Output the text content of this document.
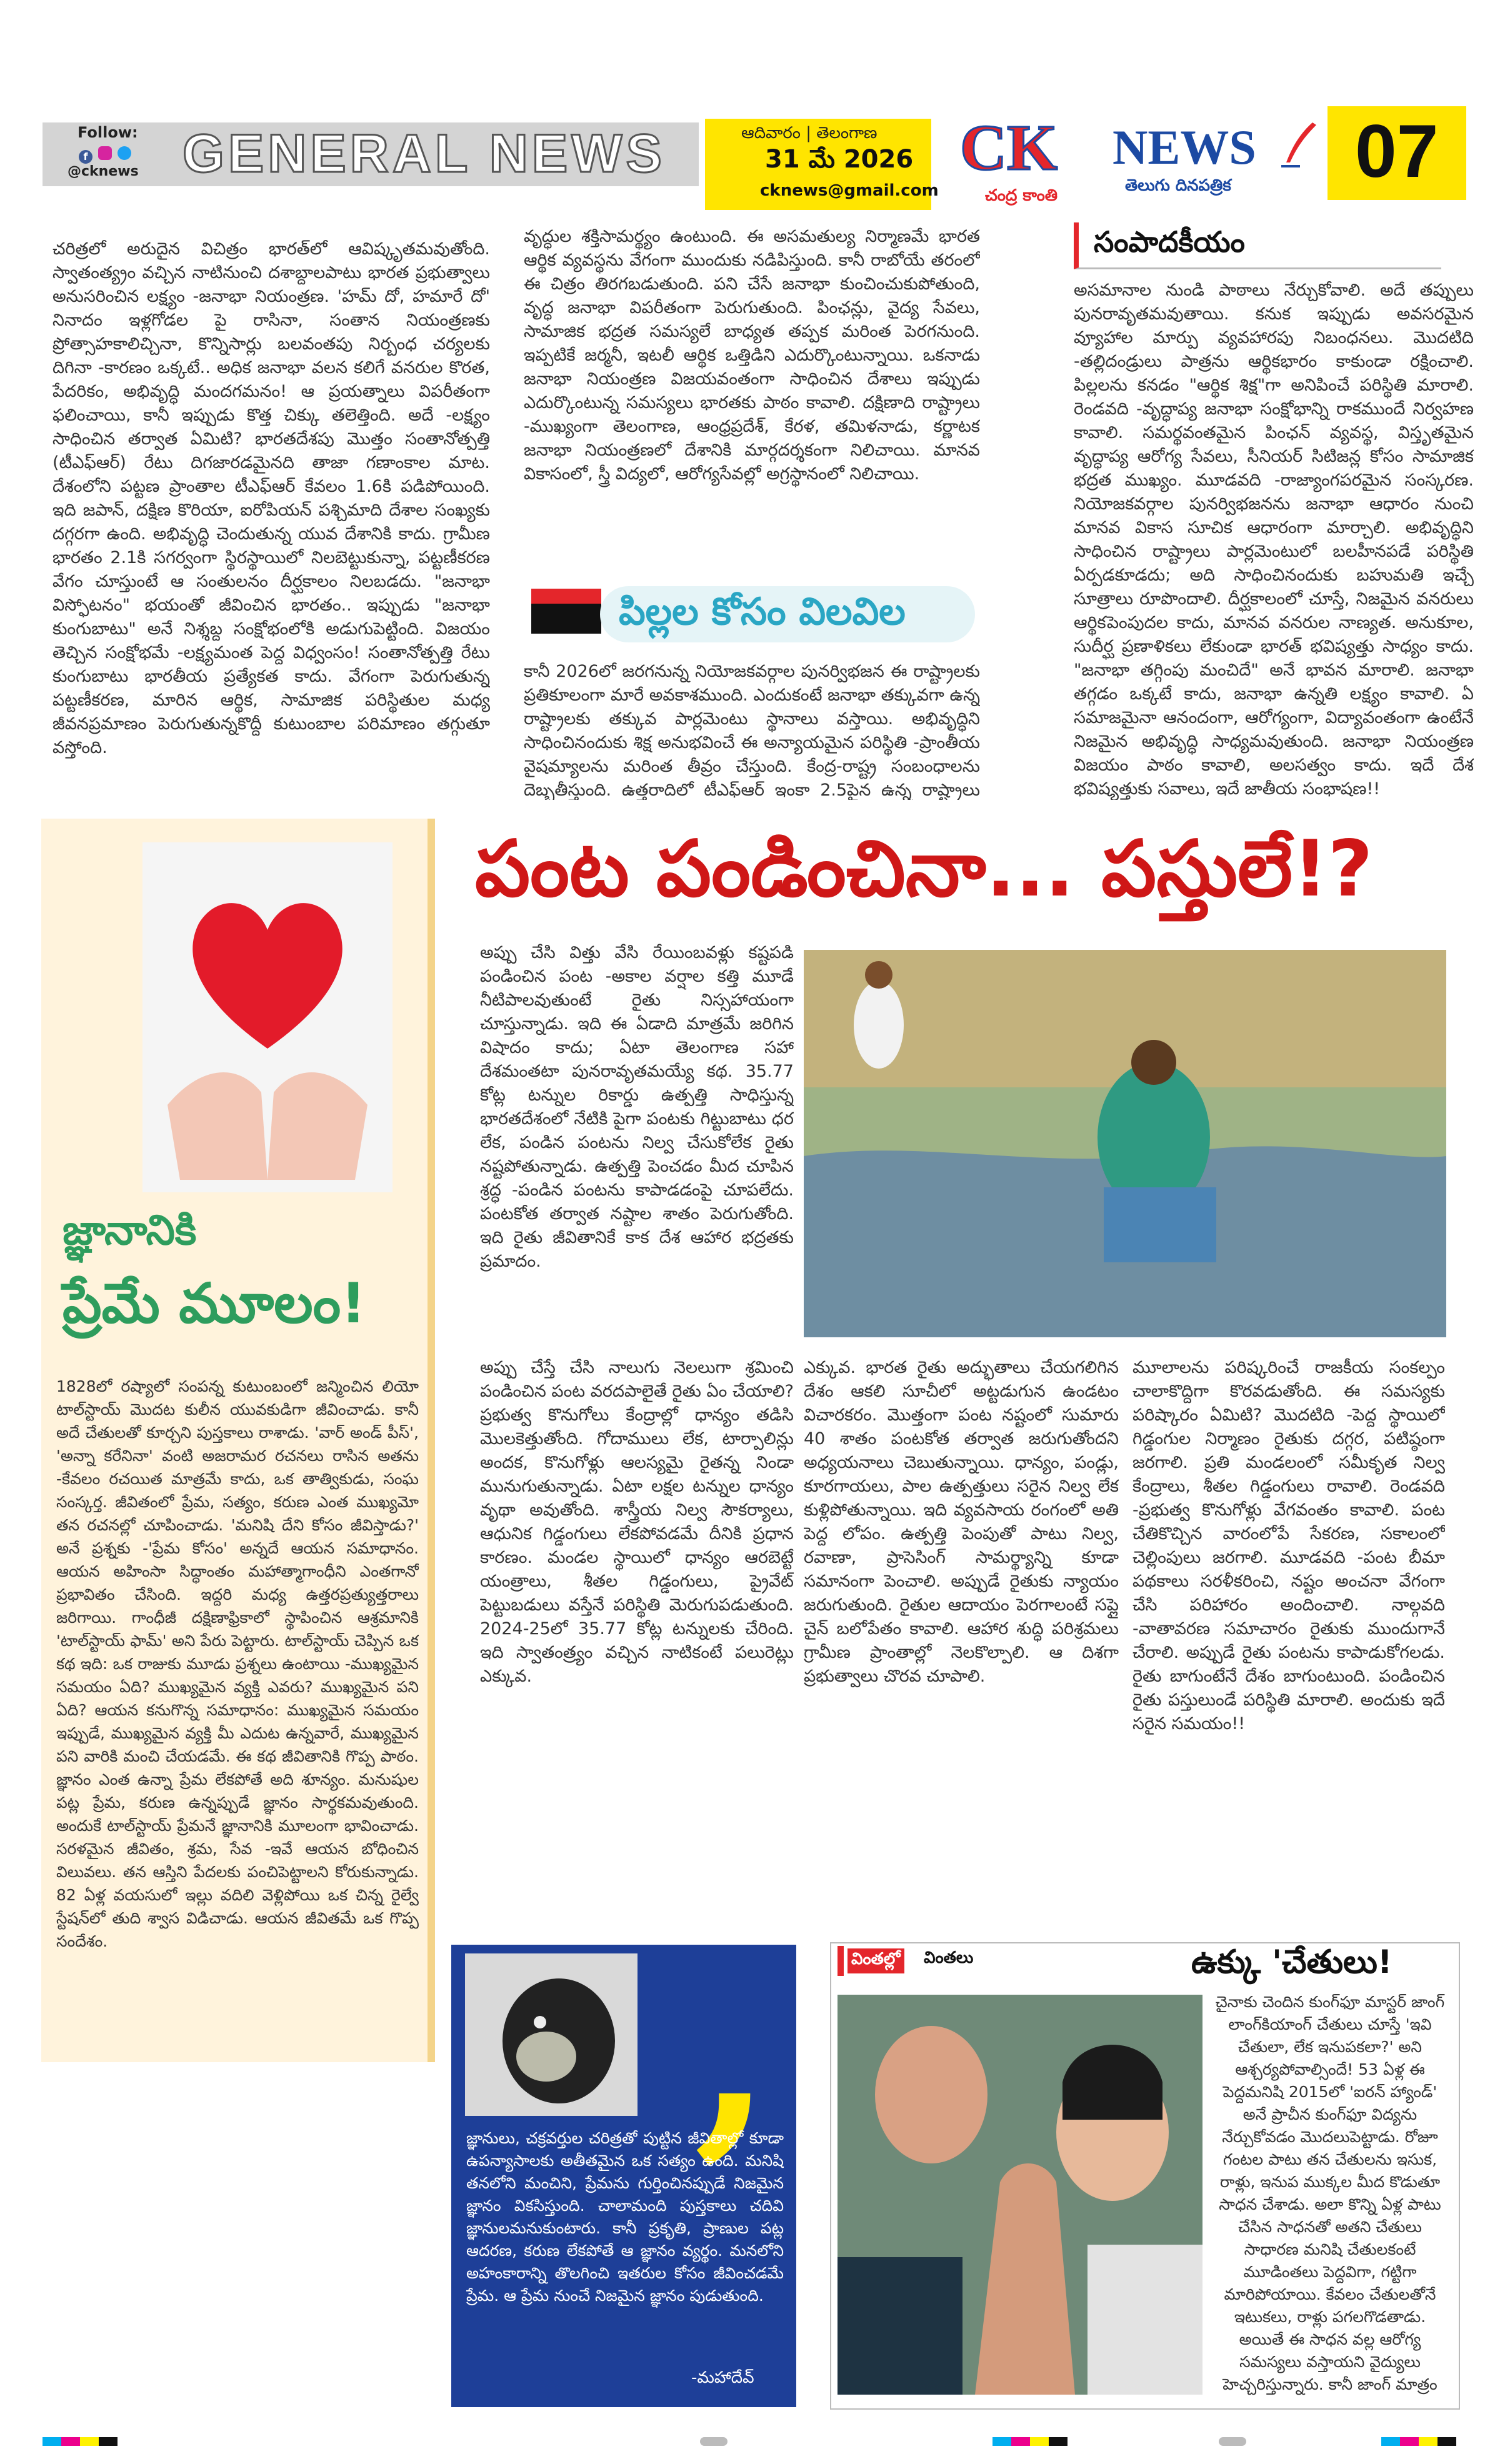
Follow:
f
@cknews GENERAL NEWS	ఆదివారం | తెలంగాణ
31 మే 2026
cknews@gmail.com
CK
చంద్ర కాంతి
NEWS
తెలుగు దినపత్రిక 07
చరిత్రలో అరుదైన విచిత్రం భారత్‌లో ఆవిష్కృతమవుతోంది. స్వాతంత్య్రం వచ్చిన నాటినుంచి దశాబ్దాలపాటు భారత ప్రభుత్వాలు అనుసరించిన లక్ష్యం -జనాభా నియంత్రణ. 'హమ్ దో, హమారే దో' నినాదం ఇళ్లగోడల పై రాసినా, సంతాన నియంత్రణకు ప్రోత్సాహకాలిచ్చినా, కొన్నిసార్లు బలవంతపు నిర్బంధ చర్యలకు దిగినా -కారణం ఒక్కటే.. అధిక జనాభా వలన కలిగే వనరుల కొరత, పేదరికం, అభివృద్ధి మందగమనం! ఆ ప్రయత్నాలు విపరీతంగా ఫలించాయి, కానీ ఇప్పుడు కొత్త చిక్కు తలెత్తింది. అదే -లక్ష్యం సాధించిన తర్వాత ఏమిటి? భారతదేశపు మొత్తం సంతానోత్పత్తి (టీఎఫ్ఆర్) రేటు దిగజారడమైనది తాజా గణాంకాల మాట. దేశంలోని పట్టణ ప్రాంతాల టీఎఫ్ఆర్ కేవలం 1.6కి పడిపోయింది. ఇది జపాన్, దక్షిణ కొరియా, ఐరోపియన్ పశ్చిమాది దేశాల సంఖ్యకు దగ్గరగా ఉంది. అభివృద్ధి చెందుతున్న యువ దేశానికి కాదు. గ్రామీణ భారతం 2.1కి సగర్వంగా స్థిరస్థాయిలో నిలబెట్టుకున్నా, పట్టణీకరణ వేగం చూస్తుంటే ఆ సంతులనం దీర్ఘకాలం నిలబడదు. "జనాభా విస్ఫోటనం" భయంతో జీవించిన భారతం.. ఇప్పుడు "జనాభా కుంగుబాటు" అనే నిశ్శబ్ద సంక్షోభంలోకి అడుగుపెట్టింది. విజయం తెచ్చిన సంక్షోభమే -లక్ష్యమంత పెద్ద విధ్వంసం! సంతానోత్పత్తి రేటు కుంగుబాటు భారతీయ ప్రత్యేకత కాదు. వేగంగా పెరుగుతున్న పట్టణీకరణ, మారిన ఆర్థిక, సామాజిక పరిస్థితుల మధ్య జీవనప్రమాణం పెరుగుతున్నకొద్దీ కుటుంబాల పరిమాణం తగ్గుతూ వస్తోంది.
వృద్ధుల శక్తిసామర్థ్యం ఉంటుంది. ఈ అసమతుల్య నిర్మాణమే భారత ఆర్థిక వ్యవస్థను వేగంగా ముందుకు నడిపిస్తుంది. కానీ రాబోయే తరంలో ఈ చిత్రం తిరగబడుతుంది. పని చేసే జనాభా కుంచించుకుపోతుంది, వృద్ధ జనాభా విపరీతంగా పెరుగుతుంది. పింఛన్లు, వైద్య సేవలు, సామాజిక భద్రత సమస్యలే బాధ్యత తప్పక మరింత పెరగనుంది. ఇప్పటికే జర్మనీ, ఇటలీ ఆర్థిక ఒత్తిడిని ఎదుర్కొంటున్నాయి. ఒకనాడు జనాభా నియంత్రణ విజయవంతంగా సాధించిన దేశాలు ఇప్పుడు ఎదుర్కొంటున్న సమస్యలు భారతకు పాఠం కావాలి. దక్షిణాది రాష్ట్రాలు -ముఖ్యంగా తెలంగాణ, ఆంధ్రప్రదేశ్, కేరళ, తమిళనాడు, కర్ణాటక జనాభా నియంత్రణలో దేశానికి మార్గదర్శకంగా నిలిచాయి. మానవ వికాసంలో, స్త్రీ విద్యలో, ఆరోగ్యసేవల్లో అగ్రస్థానంలో నిలిచాయి.
సంపాదకీయం
పిల్లల కోసం విలవిల
కానీ 2026లో జరగనున్న నియోజకవర్గాల పునర్విభజన ఈ రాష్ట్రాలకు ప్రతికూలంగా మారే అవకాశముంది. ఎందుకంటే జనాభా తక్కువగా ఉన్న రాష్ట్రాలకు తక్కువ పార్లమెంటు స్థానాలు వస్తాయి. అభివృద్ధిని సాధించినందుకు శిక్ష అనుభవించే ఈ అన్యాయమైన పరిస్థితి -ప్రాంతీయ వైషమ్యాలను మరింత తీవ్రం చేస్తుంది. కేంద్ర-రాష్ట్ర సంబంధాలను దెబ్బతీస్తుంది. ఉత్తరాదిలో టీఎఫ్ఆర్ ఇంకా 2.5పైన ఉన్న రాష్ట్రాలు
అసమానాల నుండి పాఠాలు నేర్చుకోవాలి. అదే తప్పులు పునరావృతమవుతాయి. కనుక ఇప్పుడు అవసరమైన వ్యూహాల మార్పు వ్యవహారపు నిబంధనలు. మొదటిది -తల్లిదండ్రులు పాత్రను ఆర్థికభారం కాకుండా రక్షించాలి. పిల్లలను కనడం "ఆర్థిక శిక్ష"గా అనిపించే పరిస్థితి మారాలి. రెండవది -వృద్ధాప్య జనాభా సంక్షోభాన్ని రాకముందే నిర్వహణ కావాలి. సమర్థవంతమైన పింఛన్ వ్యవస్థ, విస్తృతమైన వృద్ధాప్య ఆరోగ్య సేవలు, సీనియర్ సిటిజన్ల కోసం సామాజిక భద్రత ముఖ్యం. మూడవది -రాజ్యాంగపరమైన సంస్కరణ. నియోజకవర్గాల పునర్విభజనను జనాభా ఆధారం నుంచి మానవ వికాస సూచిక ఆధారంగా మార్చాలి. అభివృద్ధిని సాధించిన రాష్ట్రాలు పార్లమెంటులో బలహీనపడే పరిస్థితి ఏర్పడకూడదు; అది సాధించినందుకు బహుమతి ఇచ్చే సూత్రాలు రూపొందాలి. దీర్ఘకాలంలో చూస్తే, నిజమైన వనరులు ఆర్థికపెంపుదల కాదు, మానవ వనరుల నాణ్యత. అనుకూల, సుదీర్ఘ ప్రణాళికలు లేకుండా భారత్ భవిష్యత్తు సాధ్యం కాదు. "జనాభా తగ్గింపు మంచిదే" అనే భావన మారాలి. జనాభా తగ్గడం ఒక్కటే కాదు, జనాభా ఉన్నతి లక్ష్యం కావాలి. ఏ సమాజమైనా ఆనందంగా, ఆరోగ్యంగా, విద్యావంతంగా ఉంటేనే నిజమైన అభివృద్ధి సాధ్యమవుతుంది. జనాభా నియంత్రణ విజయం పాఠం కావాలి, అలసత్వం కాదు. ఇదే దేశ భవిష్యత్తుకు సవాలు, ఇదే జాతీయ సంభాషణ!!
జ్ఞానానికి
ప్రేమే మూలం!
1828లో రష్యాలో సంపన్న కుటుంబంలో జన్మించిన లియో టాల్‌స్టాయ్ మొదట కులీన యువకుడిగా జీవించాడు. కానీ అదే చేతులతో కూర్చని పుస్తకాలు రాశాడు. 'వార్ అండ్ పీస్', 'అన్నా కరేనినా' వంటి అజరామర రచనలు రాసిన అతను -కేవలం రచయిత మాత్రమే కాదు, ఒక తాత్వికుడు, సంఘ సంస్కర్త. జీవితంలో ప్రేమ, సత్యం, కరుణ ఎంత ముఖ్యమో తన రచనల్లో చూపించాడు. 'మనిషి దేని కోసం జీవిస్తాడు?' అనే ప్రశ్నకు -'ప్రేమ కోసం' అన్నదే ఆయన సమాధానం. ఆయన అహింసా సిద్ధాంతం మహాత్మాగాంధీని ఎంతగానో ప్రభావితం చేసింది. ఇద్దరి మధ్య ఉత్తరప్రత్యుత్తరాలు జరిగాయి. గాంధీజీ దక్షిణాఫ్రికాలో స్థాపించిన ఆశ్రమానికి 'టాల్‌స్టాయ్ ఫామ్' అని పేరు పెట్టారు. టాల్‌స్టాయ్ చెప్పిన ఒక కథ ఇది: ఒక రాజుకు మూడు ప్రశ్నలు ఉంటాయి -ముఖ్యమైన సమయం ఏది? ముఖ్యమైన వ్యక్తి ఎవరు? ముఖ్యమైన పని ఏది? ఆయన కనుగొన్న సమాధానం: ముఖ్యమైన సమయం ఇప్పుడే, ముఖ్యమైన వ్యక్తి మీ ఎదుట ఉన్నవారే, ముఖ్యమైన పని వారికి మంచి చేయడమే. ఈ కథ జీవితానికి గొప్ప పాఠం. జ్ఞానం ఎంత ఉన్నా ప్రేమ లేకపోతే అది శూన్యం. మనుషుల పట్ల ప్రేమ, కరుణ ఉన్నప్పుడే జ్ఞానం సార్థకమవుతుంది. అందుకే టాల్‌స్టాయ్ ప్రేమనే జ్ఞానానికి మూలంగా భావించాడు. సరళమైన జీవితం, శ్రమ, సేవ -ఇవే ఆయన బోధించిన విలువలు. తన ఆస్తిని పేదలకు పంచిపెట్టాలని కోరుకున్నాడు. 82 ఏళ్ల వయసులో ఇల్లు వదిలి వెళ్లిపోయి ఒక చిన్న రైల్వే స్టేషన్‌లో తుది శ్వాస విడిచాడు. ఆయన జీవితమే ఒక గొప్ప సందేశం.
పంట పండించినా... పస్తులే!?
అప్పు చేసి విత్తు వేసి రేయింబవళ్లు కష్టపడి పండించిన పంట -అకాల వర్షాల కత్తి మూడే నీటిపాలవుతుంటే రైతు నిస్సహాయంగా చూస్తున్నాడు. ఇది ఈ ఏడాది మాత్రమే జరిగిన విషాదం కాదు; ఏటా తెలంగాణ సహా దేశమంతటా పునరావృతమయ్యే కథ. 35.77 కోట్ల టన్నుల రికార్డు ఉత్పత్తి సాధిస్తున్న భారతదేశంలో నేటికి పైగా పంటకు గిట్టుబాటు ధర లేక, పండిన పంటను నిల్వ చేసుకోలేక రైతు నష్టపోతున్నాడు. ఉత్పత్తి పెంచడం మీద చూపిన శ్రద్ధ -పండిన పంటను కాపాడడంపై చూపలేదు. పంటకోత తర్వాత నష్టాల శాతం పెరుగుతోంది. ఇది రైతు జీవితానికే కాక దేశ ఆహార భద్రతకు ప్రమాదం.
అప్పు చేస్తే చేసి నాలుగు నెలలుగా శ్రమించి పండించిన పంట వరదపాలైతే రైతు ఏం చేయాలి? ప్రభుత్వ కొనుగోలు కేంద్రాల్లో ధాన్యం తడిసి మొలకెత్తుతోంది. గోదాములు లేక, టార్పాలిన్లు అందక, కొనుగోళ్లు ఆలస్యమై రైతన్న నిండా మునుగుతున్నాడు. ఏటా లక్షల టన్నుల ధాన్యం వృథా అవుతోంది. శాస్త్రీయ నిల్వ సౌకర్యాలు, ఆధునిక గిడ్డంగులు లేకపోవడమే దీనికి ప్రధాన కారణం. మండల స్థాయిలో ధాన్యం ఆరబెట్టే యంత్రాలు, శీతల గిడ్డంగులు, ప్రైవేట్ పెట్టుబడులు వస్తేనే పరిస్థితి మెరుగుపడుతుంది. 2024-25లో 35.77 కోట్ల టన్నులకు చేరింది. ఇది స్వాతంత్ర్యం వచ్చిన నాటికంటే పలురెట్లు ఎక్కువ.
ఎక్కువ. భారత రైతు అద్భుతాలు చేయగలిగిన దేశం ఆకలి సూచీలో అట్టడుగున ఉండటం విచారకరం. మొత్తంగా పంట నష్టంలో సుమారు 40 శాతం పంటకోత తర్వాత జరుగుతోందని అధ్యయనాలు చెబుతున్నాయి. ధాన్యం, పండ్లు, కూరగాయలు, పాల ఉత్పత్తులు సరైన నిల్వ లేక కుళ్లిపోతున్నాయి. ఇది వ్యవసాయ రంగంలో అతి పెద్ద లోపం. ఉత్పత్తి పెంపుతో పాటు నిల్వ, రవాణా, ప్రాసెసింగ్ సామర్థ్యాన్ని కూడా సమానంగా పెంచాలి. అప్పుడే రైతుకు న్యాయం జరుగుతుంది. రైతుల ఆదాయం పెరగాలంటే సప్లై చైన్ బలోపేతం కావాలి. ఆహార శుద్ధి పరిశ్రమలు గ్రామీణ ప్రాంతాల్లో నెలకొల్పాలి. ఆ దిశగా ప్రభుత్వాలు చొరవ చూపాలి.
మూలాలను పరిష్కరించే రాజకీయ సంకల్పం చాలాకొద్దిగా కొరవడుతోంది. ఈ సమస్యకు పరిష్కారం ఏమిటి? మొదటిది -పెద్ద స్థాయిలో గిడ్డంగుల నిర్మాణం రైతుకు దగ్గర, పటిష్ఠంగా జరగాలి. ప్రతి మండలంలో సమీకృత నిల్వ కేంద్రాలు, శీతల గిడ్డంగులు రావాలి. రెండవది -ప్రభుత్వ కొనుగోళ్లు వేగవంతం కావాలి. పంట చేతికొచ్చిన వారంలోపే సేకరణ, సకాలంలో చెల్లింపులు జరగాలి. మూడవది -పంట బీమా పథకాలు సరళీకరించి, నష్టం అంచనా వేగంగా చేసి పరిహారం అందించాలి. నాల్గవది -వాతావరణ సమాచారం రైతుకు ముందుగానే చేరాలి. అప్పుడే రైతు పంటను కాపాడుకోగలడు. రైతు బాగుంటేనే దేశం బాగుంటుంది. పండించిన రైతు పస్తులుండే పరిస్థితి మారాలి. అందుకు ఇదే సరైన సమయం!!
,
జ్ఞానులు, చక్రవర్తుల చరిత్రతో పుట్టిన జీవితాల్లో కూడా ఉపన్యాసాలకు అతీతమైన ఒక సత్యం ఉంది. మనిషి తనలోని మంచిని, ప్రేమను గుర్తించినప్పుడే నిజమైన జ్ఞానం వికసిస్తుంది. చాలామంది పుస్తకాలు చదివి జ్ఞానులమనుకుంటారు. కానీ ప్రకృతి, ప్రాణుల పట్ల ఆదరణ, కరుణ లేకపోతే ఆ జ్ఞానం వ్యర్థం. మనలోని అహంకారాన్ని తొలగించి ఇతరుల కోసం జీవించడమే ప్రేమ. ఆ ప్రేమ నుంచే నిజమైన జ్ఞానం పుడుతుంది.
-మహాదేవ్
వింతల్లో వింతలు	ఉక్కు 'చేతులు!
చైనాకు చెందిన కుంగ్‌ఫూ మాస్టర్ జాంగ్ లాంగ్‌కియాంగ్ చేతులు చూస్తే 'ఇవి చేతులా, లేక ఇనుపకలా?' అని ఆశ్చర్యపోవాల్సిందే! 53 ఏళ్ల ఈ పెద్దమనిషి 2015లో 'ఐరన్ హ్యాండ్' అనే ప్రాచీన కుంగ్‌ఫూ విద్యను నేర్చుకోవడం మొదలుపెట్టాడు. రోజూ గంటల పాటు తన చేతులను ఇసుక, రాళ్లు, ఇనుప ముక్కల మీద కొడుతూ సాధన చేశాడు. అలా కొన్ని ఏళ్ల పాటు చేసిన సాధనతో అతని చేతులు సాధారణ మనిషి చేతులకంటే మూడింతలు పెద్దవిగా, గట్టిగా మారిపోయాయి. కేవలం చేతులతోనే ఇటుకలు, రాళ్లు పగలగొడతాడు. అయితే ఈ సాధన వల్ల ఆరోగ్య సమస్యలు వస్తాయని వైద్యులు హెచ్చరిస్తున్నారు. కానీ జాంగ్ మాత్రం
